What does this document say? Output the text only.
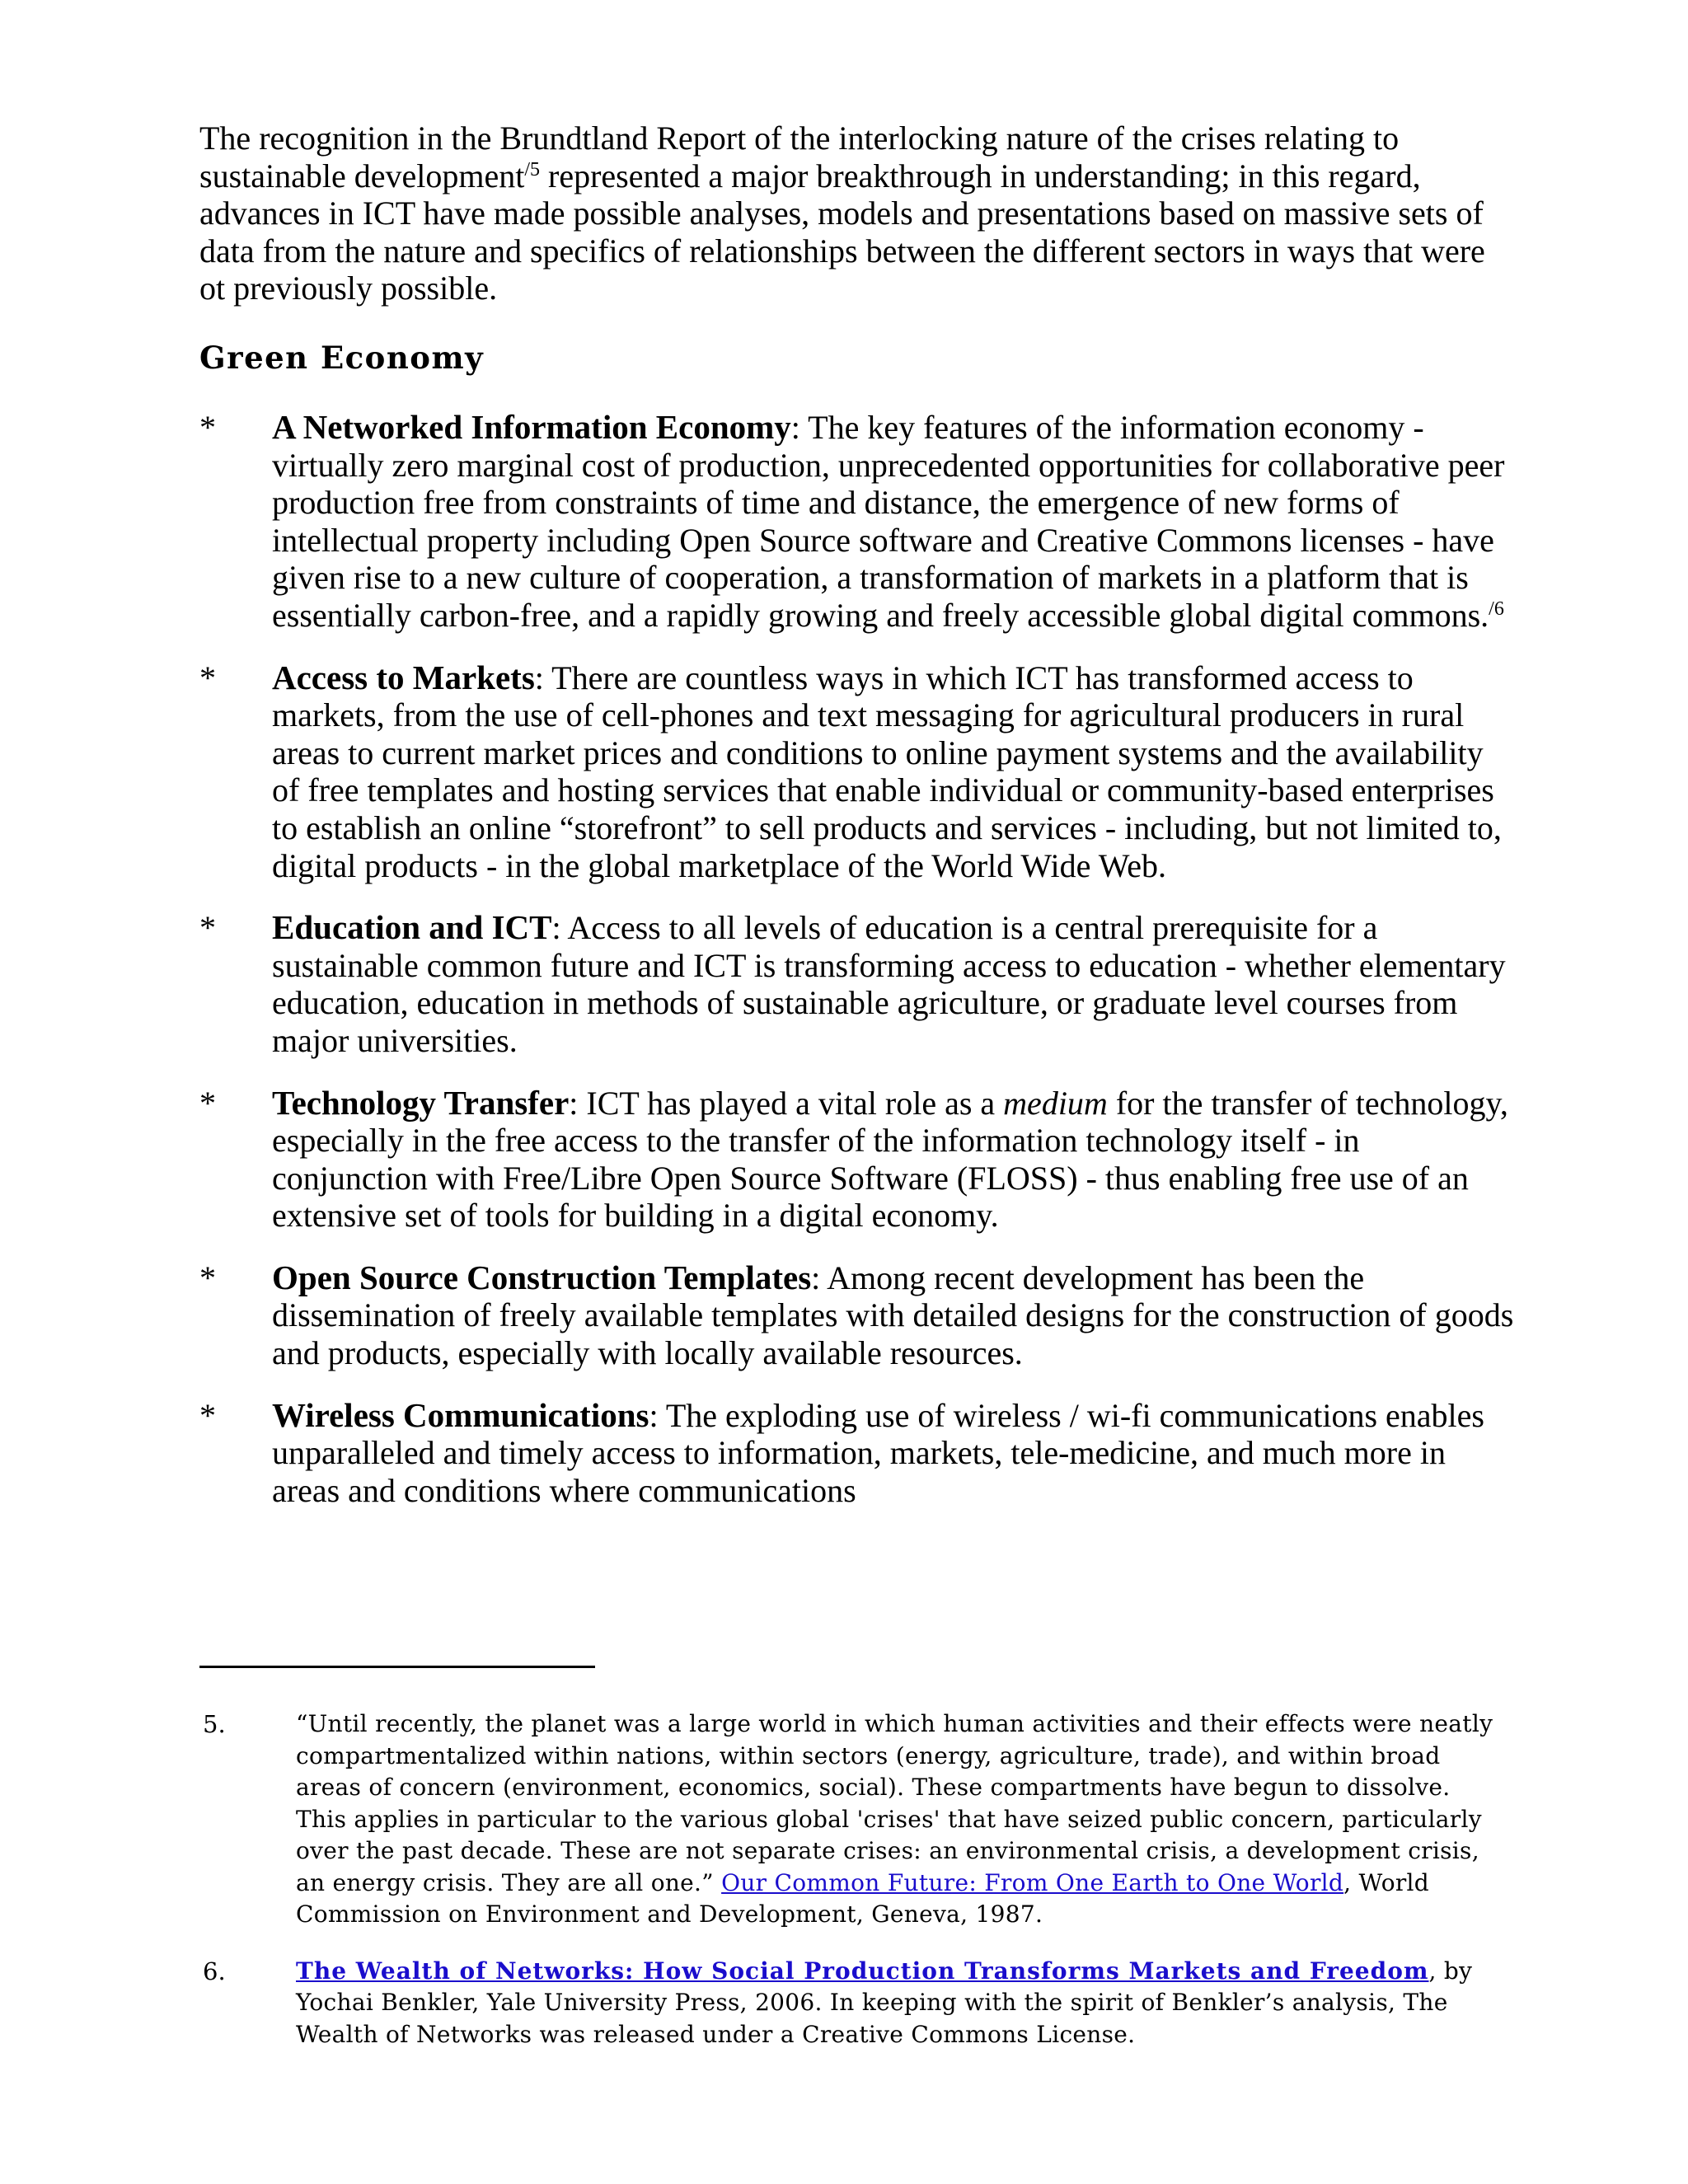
The recognition in the Brundtland Report of the interlocking nature of the crises relating to sustainable development$^{/5}$ represented a major breakthrough in understanding; in this regard, advances in ICT have made possible analyses, models and presentations based on massive sets of data from the nature and specifics of relationships between the different sectors in ways that were ot previously possible.

Green Economy
*	A Networked Information Economy: The key features of the information economy - virtually zero marginal cost of production, unprecedented opportunities for collaborative peer production free from constraints of time and distance, the emergence of new forms of intellectual property including Open Source software and Creative Commons licenses - have given rise to a new culture of cooperation, a transformation of markets in a platform that is essentially carbon-free, and a rapidly growing and freely accessible global digital commons.$^{/6}$
*	Access to Markets: There are countless ways in which ICT has transformed access to markets, from the use of cell-phones and text messaging for agricultural producers in rural areas to current market prices and conditions to online payment systems and the availability of free templates and hosting services that enable individual or community-based enterprises to establish an online “storefront” to sell products and services - including, but not limited to, digital products - in the global marketplace of the World Wide Web.
*	Education and ICT: Access to all levels of education is a central prerequisite for a sustainable common future and ICT is transforming access to education - whether elementary education, education in methods of sustainable agriculture, or graduate level courses from major universities.
*	Technology Transfer: ICT has played a vital role as a medium for the transfer of technology, especially in the free access to the transfer of the information technology itself - in conjunction with Free/Libre Open Source Software (FLOSS) - thus enabling free use of an extensive set of tools for building in a digital economy.
*	Open Source Construction Templates: Among recent development has been the dissemination of freely available templates with detailed designs for the construction of goods and products, especially with locally available resources.
*	Wireless Communications: The exploding use of wireless / wi-fi communications enables unparalleled and timely access to information, markets, tele-medicine, and much more in areas and conditions where communications
5.	“Until recently, the planet was a large world in which human activities and their effects were neatly compartmentalized within nations, within sectors (energy, agriculture, trade), and within broad areas of concern (environment, economics, social). These compartments have begun to dissolve. This applies in particular to the various global 'crises' that have seized public concern, particularly over the past decade. These are not separate crises: an environmental crisis, a development crisis, an energy crisis. They are all one.” Our Common Future: From One Earth to One World, World Commission on Environment and Development, Geneva, 1987.
6.	The Wealth of Networks: How Social Production Transforms Markets and Freedom, by Yochai Benkler, Yale University Press, 2006. In keeping with the spirit of Benkler’s analysis, The Wealth of Networks was released under a Creative Commons License.
